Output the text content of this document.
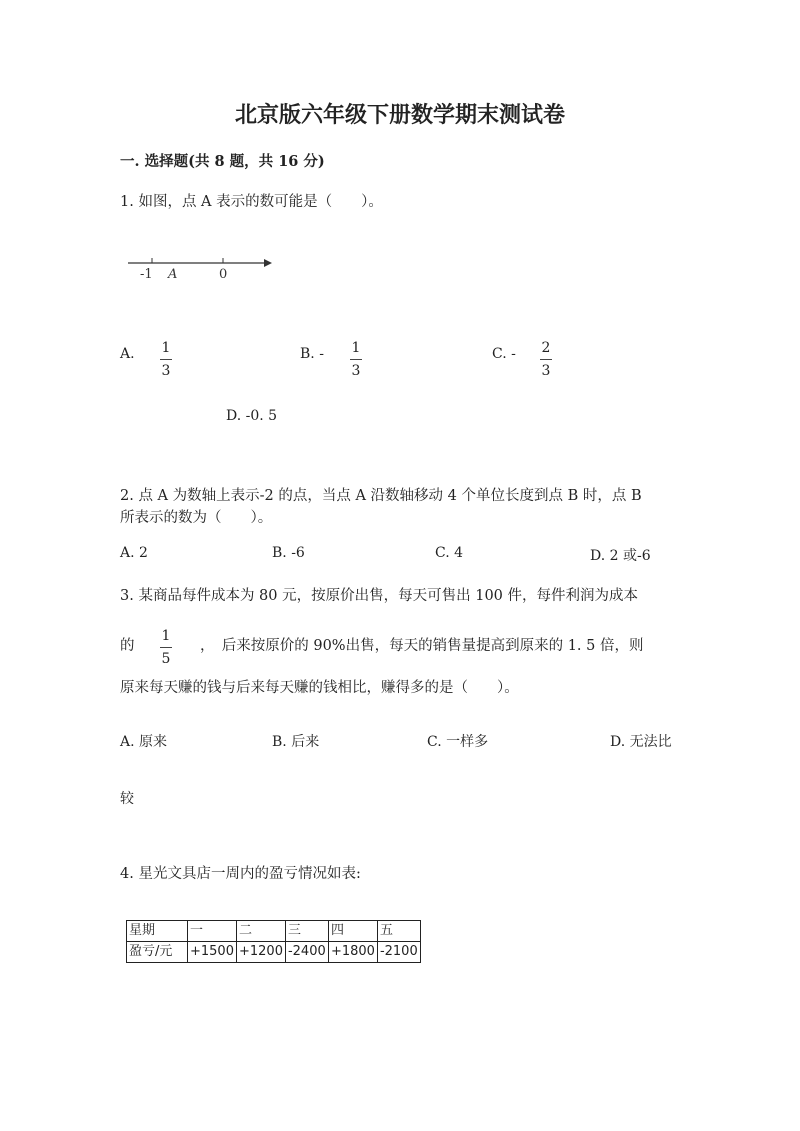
北京版六年级下册数学期末测试卷
一. 选择题(共 8 题，共 16 分)
1. 如图，点 A 表示的数可能是（　　）。
-1 A	0
A. 1
3
B. - 1
3
C. - 2
3
D. -0. 5
2. 点 A 为数轴上表示-2 的点，当点 A 沿数轴移动 4 个单位长度到点 B 时，点 B
所表示的数为（　　）。
A. 2	B. -6	C. 4	D. 2 或-6
3. 某商品每件成本为 80 元，按原价出售，每天可售出 100 件，每件利润为成本
的
1
5
，　后来按原价的 90%出售，每天的销售量提高到原来的 1. 5 倍，则
原来每天赚的钱与后来每天赚的钱相比，赚得多的是（　　）。
A. 原来	B. 后来	C. 一样多	D. 无法比
较
4. 星光文具店一周内的盈亏情况如表:
星期	一	二	三	四	五
盈亏/元	+1500	+1200	-2400	+1800	-2100
